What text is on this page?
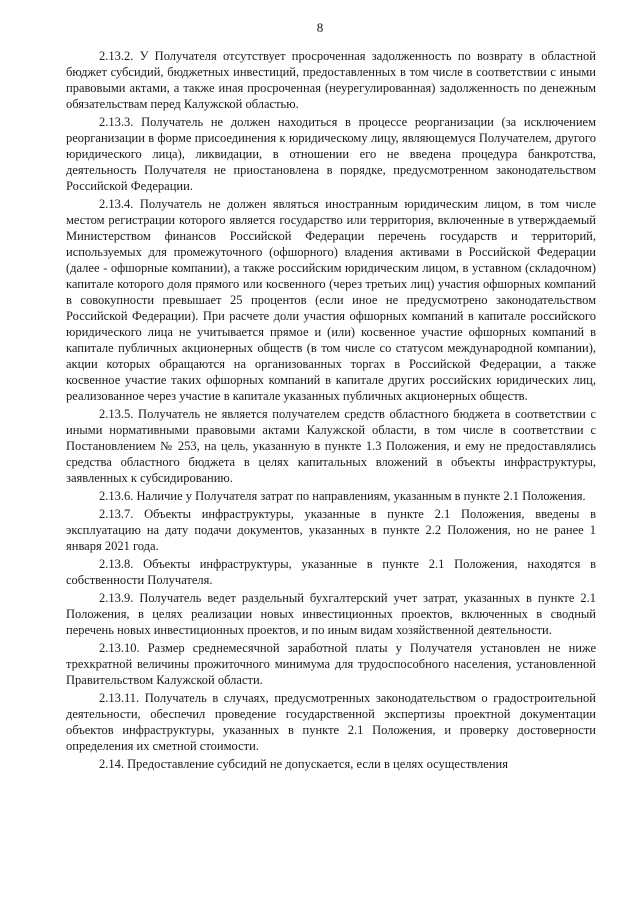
8

2.13.2. У Получателя отсутствует просроченная задолженность по возврату в областной бюджет субсидий, бюджетных инвестиций, предоставленных в том числе в соответствии с иными правовыми актами, а также иная просроченная (неурегулированная) задолженность по денежным обязательствам перед Калужской областью.

2.13.3. Получатель не должен находиться в процессе реорганизации (за исключением реорганизации в форме присоединения к юридическому лицу, являющемуся Получателем, другого юридического лица), ликвидации, в отношении его не введена процедура банкротства, деятельность Получателя не приостановлена в порядке, предусмотренном законодательством Российской Федерации.

2.13.4. Получатель не должен являться иностранным юридическим лицом, в том числе местом регистрации которого является государство или территория, включенные в утверждаемый Министерством финансов Российской Федерации перечень государств и территорий, используемых для промежуточного (офшорного) владения активами в Российской Федерации (далее - офшорные компании), а также российским юридическим лицом, в уставном (складочном) капитале которого доля прямого или косвенного (через третьих лиц) участия офшорных компаний в совокупности превышает 25 процентов (если иное не предусмотрено законодательством Российской Федерации). При расчете доли участия офшорных компаний в капитале российского юридического лица не учитывается прямое и (или) косвенное участие офшорных компаний в капитале публичных акционерных обществ (в том числе со статусом международной компании), акции которых обращаются на организованных торгах в Российской Федерации, а также косвенное участие таких офшорных компаний в капитале других российских юридических лиц, реализованное через участие в капитале указанных публичных акционерных обществ.

2.13.5. Получатель не является получателем средств областного бюджета в соответствии с иными нормативными правовыми актами Калужской области, в том числе в соответствии с Постановлением № 253, на цель, указанную в пункте 1.3 Положения, и ему не предоставлялись средства областного бюджета в целях капитальных вложений в объекты инфраструктуры, заявленных к субсидированию.

2.13.6. Наличие у Получателя затрат по направлениям, указанным в пункте 2.1 Положения.

2.13.7. Объекты инфраструктуры, указанные в пункте 2.1 Положения, введены в эксплуатацию на дату подачи документов, указанных в пункте 2.2 Положения, но не ранее 1 января 2021 года.

2.13.8. Объекты инфраструктуры, указанные в пункте 2.1 Положения, находятся в собственности Получателя.

2.13.9. Получатель ведет раздельный бухгалтерский учет затрат, указанных в пункте 2.1 Положения, в целях реализации новых инвестиционных проектов, включенных в сводный перечень новых инвестиционных проектов, и по иным видам хозяйственной деятельности.

2.13.10. Размер среднемесячной заработной платы у Получателя установлен не ниже трехкратной величины прожиточного минимума для трудоспособного населения, установленной Правительством Калужской области.

2.13.11. Получатель в случаях, предусмотренных законодательством о градостроительной деятельности, обеспечил проведение государственной экспертизы проектной документации объектов инфраструктуры, указанных в пункте 2.1 Положения, и проверку достоверности определения их сметной стоимости.

2.14. Предоставление субсидий не допускается, если в целях осуществления
